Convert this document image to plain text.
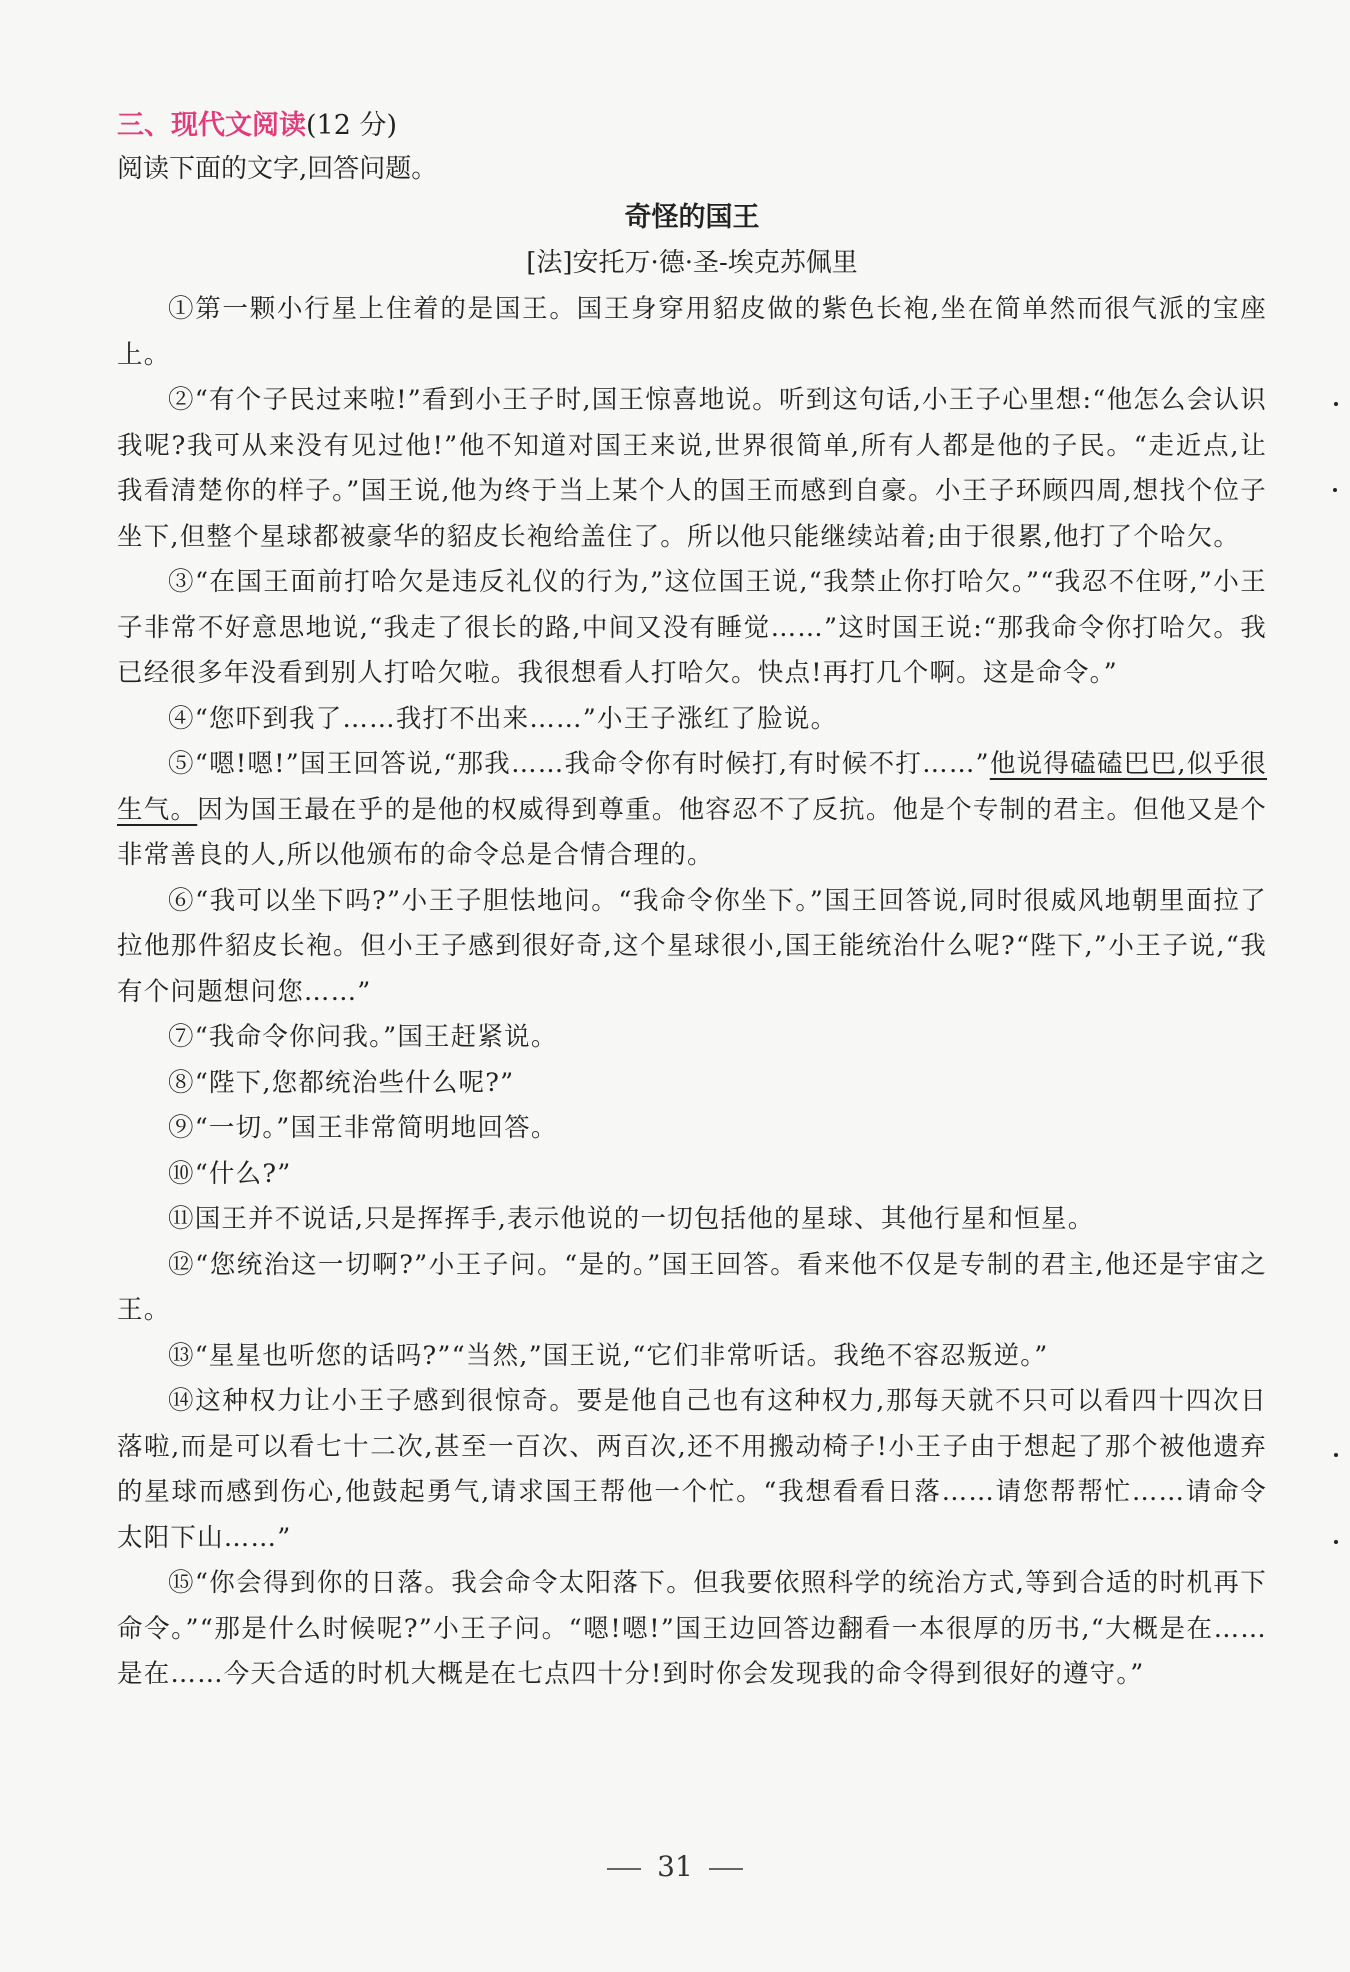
三、现代文阅读(12 分)

阅读下面的文字,回答问题。

奇怪的国王

[法]安托万·德·圣-埃克苏佩里

①第一颗小行星上住着的是国王。国王身穿用貂皮做的紫色长袍,坐在简单然而很气派的宝座上。

②“有个子民过来啦!”看到小王子时,国王惊喜地说。听到这句话,小王子心里想:“他怎么会认识我呢?我可从来没有见过他!”他不知道对国王来说,世界很简单,所有人都是他的子民。“走近点,让我看清楚你的样子。”国王说,他为终于当上某个人的国王而感到自豪。小王子环顾四周,想找个位子坐下,但整个星球都被豪华的貂皮长袍给盖住了。所以他只能继续站着;由于很累,他打了个哈欠。

③“在国王面前打哈欠是违反礼仪的行为,”这位国王说,“我禁止你打哈欠。”“我忍不住呀,”小王子非常不好意思地说,“我走了很长的路,中间又没有睡觉……”这时国王说:“那我命令你打哈欠。我已经很多年没看到别人打哈欠啦。我很想看人打哈欠。快点!再打几个啊。这是命令。”

④“您吓到我了……我打不出来……”小王子涨红了脸说。

⑤“嗯!嗯!”国王回答说,“那我……我命令你有时候打,有时候不打……”他说得磕磕巴巴,似乎很生气。因为国王最在乎的是他的权威得到尊重。他容忍不了反抗。他是个专制的君主。但他又是个非常善良的人,所以他颁布的命令总是合情合理的。

⑥“我可以坐下吗?”小王子胆怯地问。“我命令你坐下。”国王回答说,同时很威风地朝里面拉了拉他那件貂皮长袍。但小王子感到很好奇,这个星球很小,国王能统治什么呢?“陛下,”小王子说,“我有个问题想问您……”

⑦“我命令你问我。”国王赶紧说。

⑧“陛下,您都统治些什么呢?”

⑨“一切。”国王非常简明地回答。

⑩“什么?”

⑪国王并不说话,只是挥挥手,表示他说的一切包括他的星球、其他行星和恒星。

⑫“您统治这一切啊?”小王子问。“是的。”国王回答。看来他不仅是专制的君主,他还是宇宙之王。

⑬“星星也听您的话吗?”“当然,”国王说,“它们非常听话。我绝不容忍叛逆。”

⑭这种权力让小王子感到很惊奇。要是他自己也有这种权力,那每天就不只可以看四十四次日落啦,而是可以看七十二次,甚至一百次、两百次,还不用搬动椅子!小王子由于想起了那个被他遗弃的星球而感到伤心,他鼓起勇气,请求国王帮他一个忙。“我想看看日落……请您帮帮忙……请命令太阳下山……”

⑮“你会得到你的日落。我会命令太阳落下。但我要依照科学的统治方式,等到合适的时机再下命令。”“那是什么时候呢?”小王子问。“嗯!嗯!”国王边回答边翻看一本很厚的历书,“大概是在……是在……今天合适的时机大概是在七点四十分!到时你会发现我的命令得到很好的遵守。”

31
